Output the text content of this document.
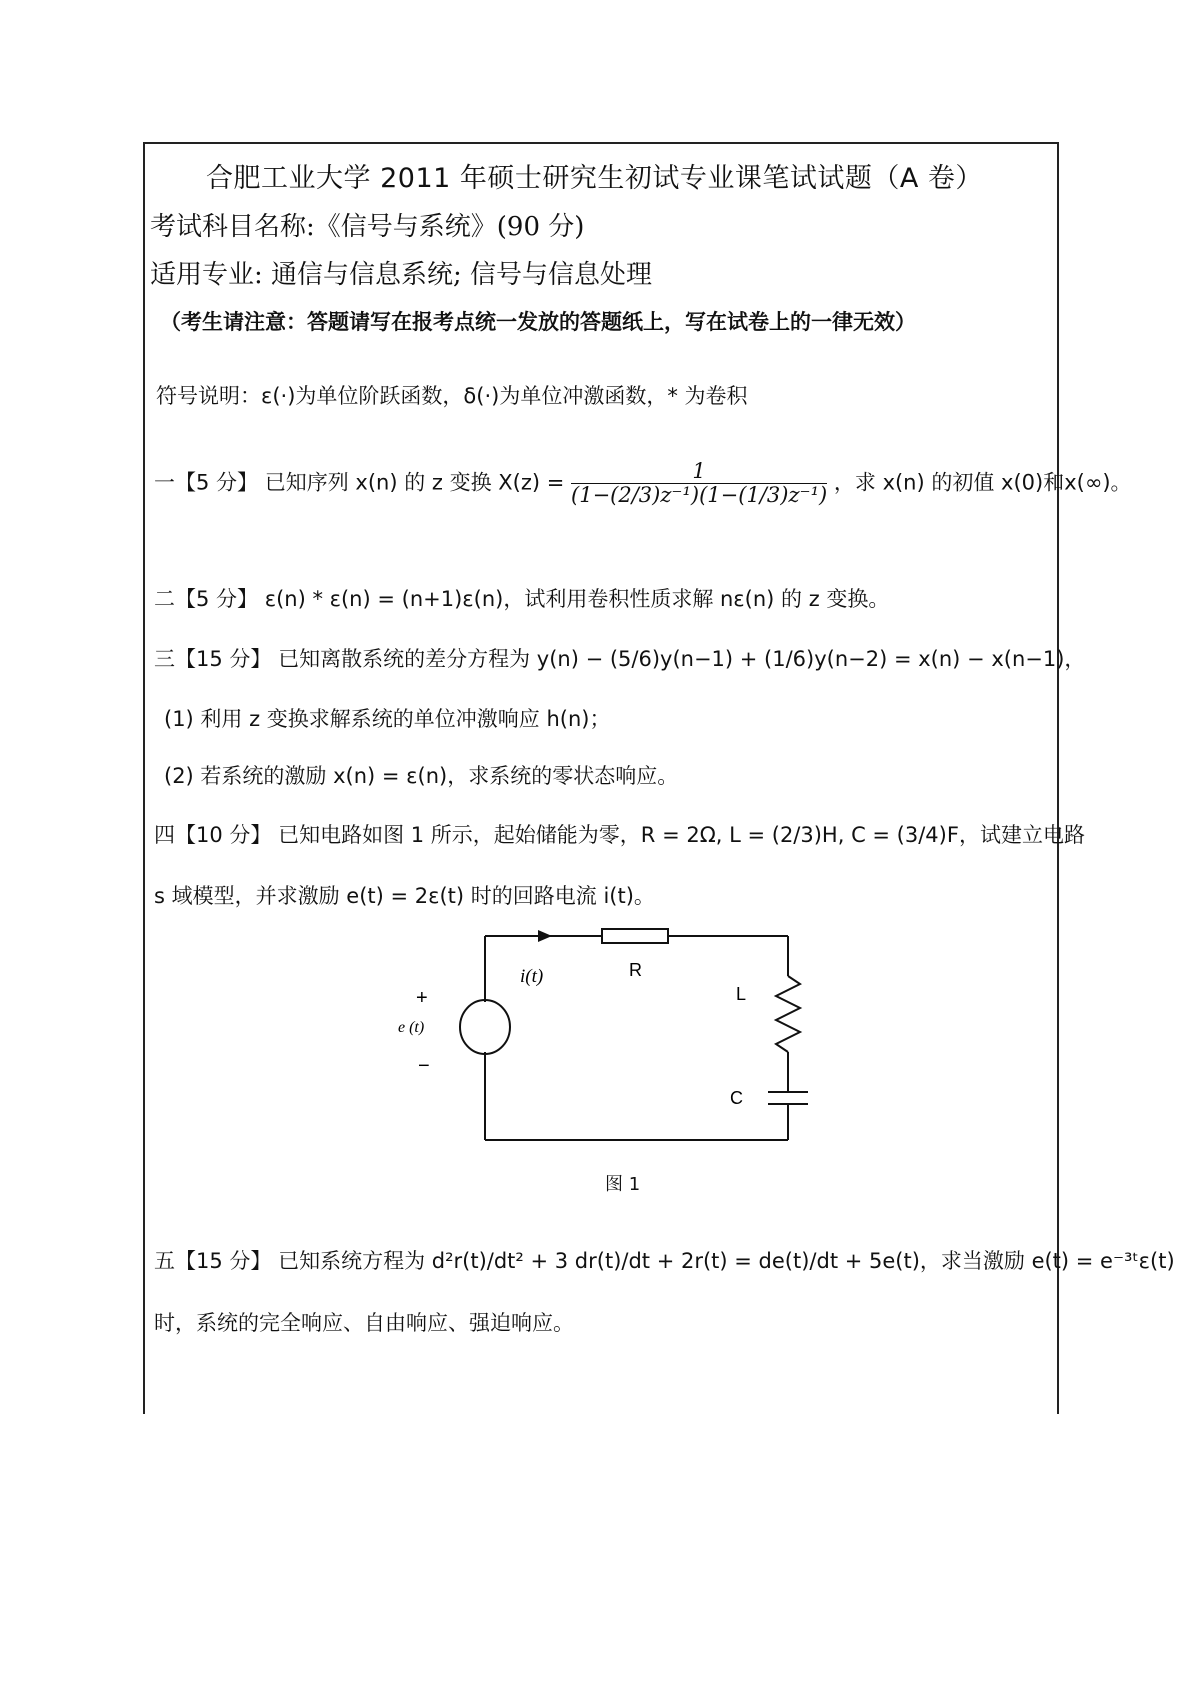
合肥工业大学 2011 年硕士研究生初试专业课笔试试题（A 卷）
考试科目名称:《信号与系统》(90 分)
适用专业: 通信与信息系统; 信号与信息处理
（考生请注意：答题请写在报考点统一发放的答题纸上，写在试卷上的一律无效）
符号说明：ε(·)为单位阶跃函数，δ(·)为单位冲激函数，* 为卷积
一【5 分】 已知序列 x(n) 的 z 变换 $X(z) = \frac{1}{\text{(1−(2/3)z⁻¹)(1−(1/3)z⁻¹)}}$ ，求 x(n) 的初值 x(0)和x(∞)。
二【5 分】 ε(n) * ε(n) = (n+1)ε(n)，试利用卷积性质求解 nε(n) 的 z 变换。
三【15 分】 已知离散系统的差分方程为 y(n) − (5/6)y(n−1) + (1/6)y(n−2) = x(n) − x(n−1)，
(1) 利用 z 变换求解系统的单位冲激响应 h(n)；
(2) 若系统的激励 x(n) = ε(n)，求系统的零状态响应。
四【10 分】 已知电路如图 1 所示，起始储能为零，R = 2Ω, L = (2/3)H, C = (3/4)F，试建立电路
s 域模型，并求激励 e(t) = 2ε(t) 时的回路电流 i(t)。
i(t)	R
L
C
+
e (t)
−
图 1
五【15 分】 已知系统方程为 d²r(t)/dt² + 3 dr(t)/dt + 2r(t) = de(t)/dt + 5e(t)，求当激励 e(t) = e⁻³ᵗε(t)
时，系统的完全响应、自由响应、强迫响应。
